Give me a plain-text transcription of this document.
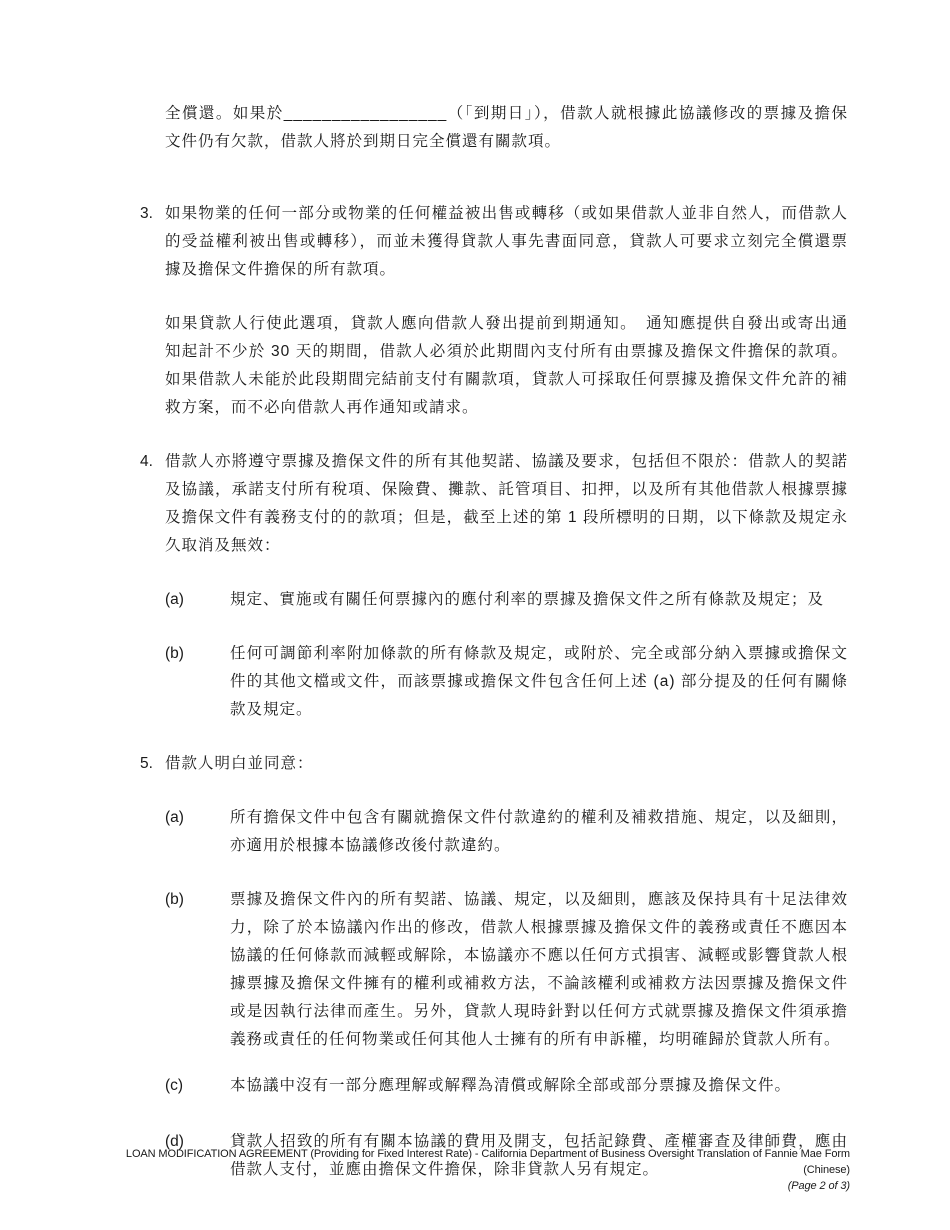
全償還。如果於_________________（「到期日」），借款人就根據此協議修改的票據及擔保文件仍有欠款，借款人將於到期日完全償還有關款項。

3. 如果物業的任何一部分或物業的任何權益被出售或轉移（或如果借款人並非自然人，而借款人的受益權利被出售或轉移），而並未獲得貸款人事先書面同意，貸款人可要求立刻完全償還票據及擔保文件擔保的所有款項。

如果貸款人行使此選項，貸款人應向借款人發出提前到期通知。　通知應提供自發出或寄出通知起計不少於 30 天的期間，借款人必須於此期間內支付所有由票據及擔保文件擔保的款項。如果借款人未能於此段期間完結前支付有關款項，貸款人可採取任何票據及擔保文件允許的補救方案，而不必向借款人再作通知或請求。

4. 借款人亦將遵守票據及擔保文件的所有其他契諾、協議及要求，包括但不限於：借款人的契諾及協議，承諾支付所有稅項、保險費、攤款、託管項目、扣押，以及所有其他借款人根據票據及擔保文件有義務支付的的款項；但是，截至上述的第 1 段所標明的日期，以下條款及規定永久取消及無效：

(a)	規定、實施或有關任何票據內的應付利率的票據及擔保文件之所有條款及規定；及

(b)	任何可調節利率附加條款的所有條款及規定，或附於、完全或部分納入票據或擔保文件的其他文檔或文件，而該票據或擔保文件包含任何上述 (a) 部分提及的任何有關條款及規定。

5. 借款人明白並同意：

(a)	所有擔保文件中包含有關就擔保文件付款違約的權利及補救措施、規定，以及細則，亦適用於根據本協議修改後付款違約。

(b)	票據及擔保文件內的所有契諾、協議、規定，以及細則，應該及保持具有十足法律效力，除了於本協議內作出的修改，借款人根據票據及擔保文件的義務或責任不應因本協議的任何條款而減輕或解除，本協議亦不應以任何方式損害、減輕或影響貸款人根據票據及擔保文件擁有的權利或補救方法，不論該權利或補救方法因票據及擔保文件或是因執行法律而產生。另外，貸款人現時針對以任何方式就票據及擔保文件須承擔義務或責任的任何物業或任何其他人士擁有的所有申訴權，均明確歸於貸款人所有。

(c)	本協議中沒有一部分應理解或解釋為清償或解除全部或部分票據及擔保文件。

(d)	貸款人招致的所有有關本協議的費用及開支，包括記錄費、產權審查及律師費，應由借款人支付，並應由擔保文件擔保，除非貸款人另有規定。

LOAN MODIFICATION AGREEMENT (Providing for Fixed Interest Rate) - California Department of Business Oversight Translation of Fannie Mae Form (Chinese)
(Page 2 of 3)
